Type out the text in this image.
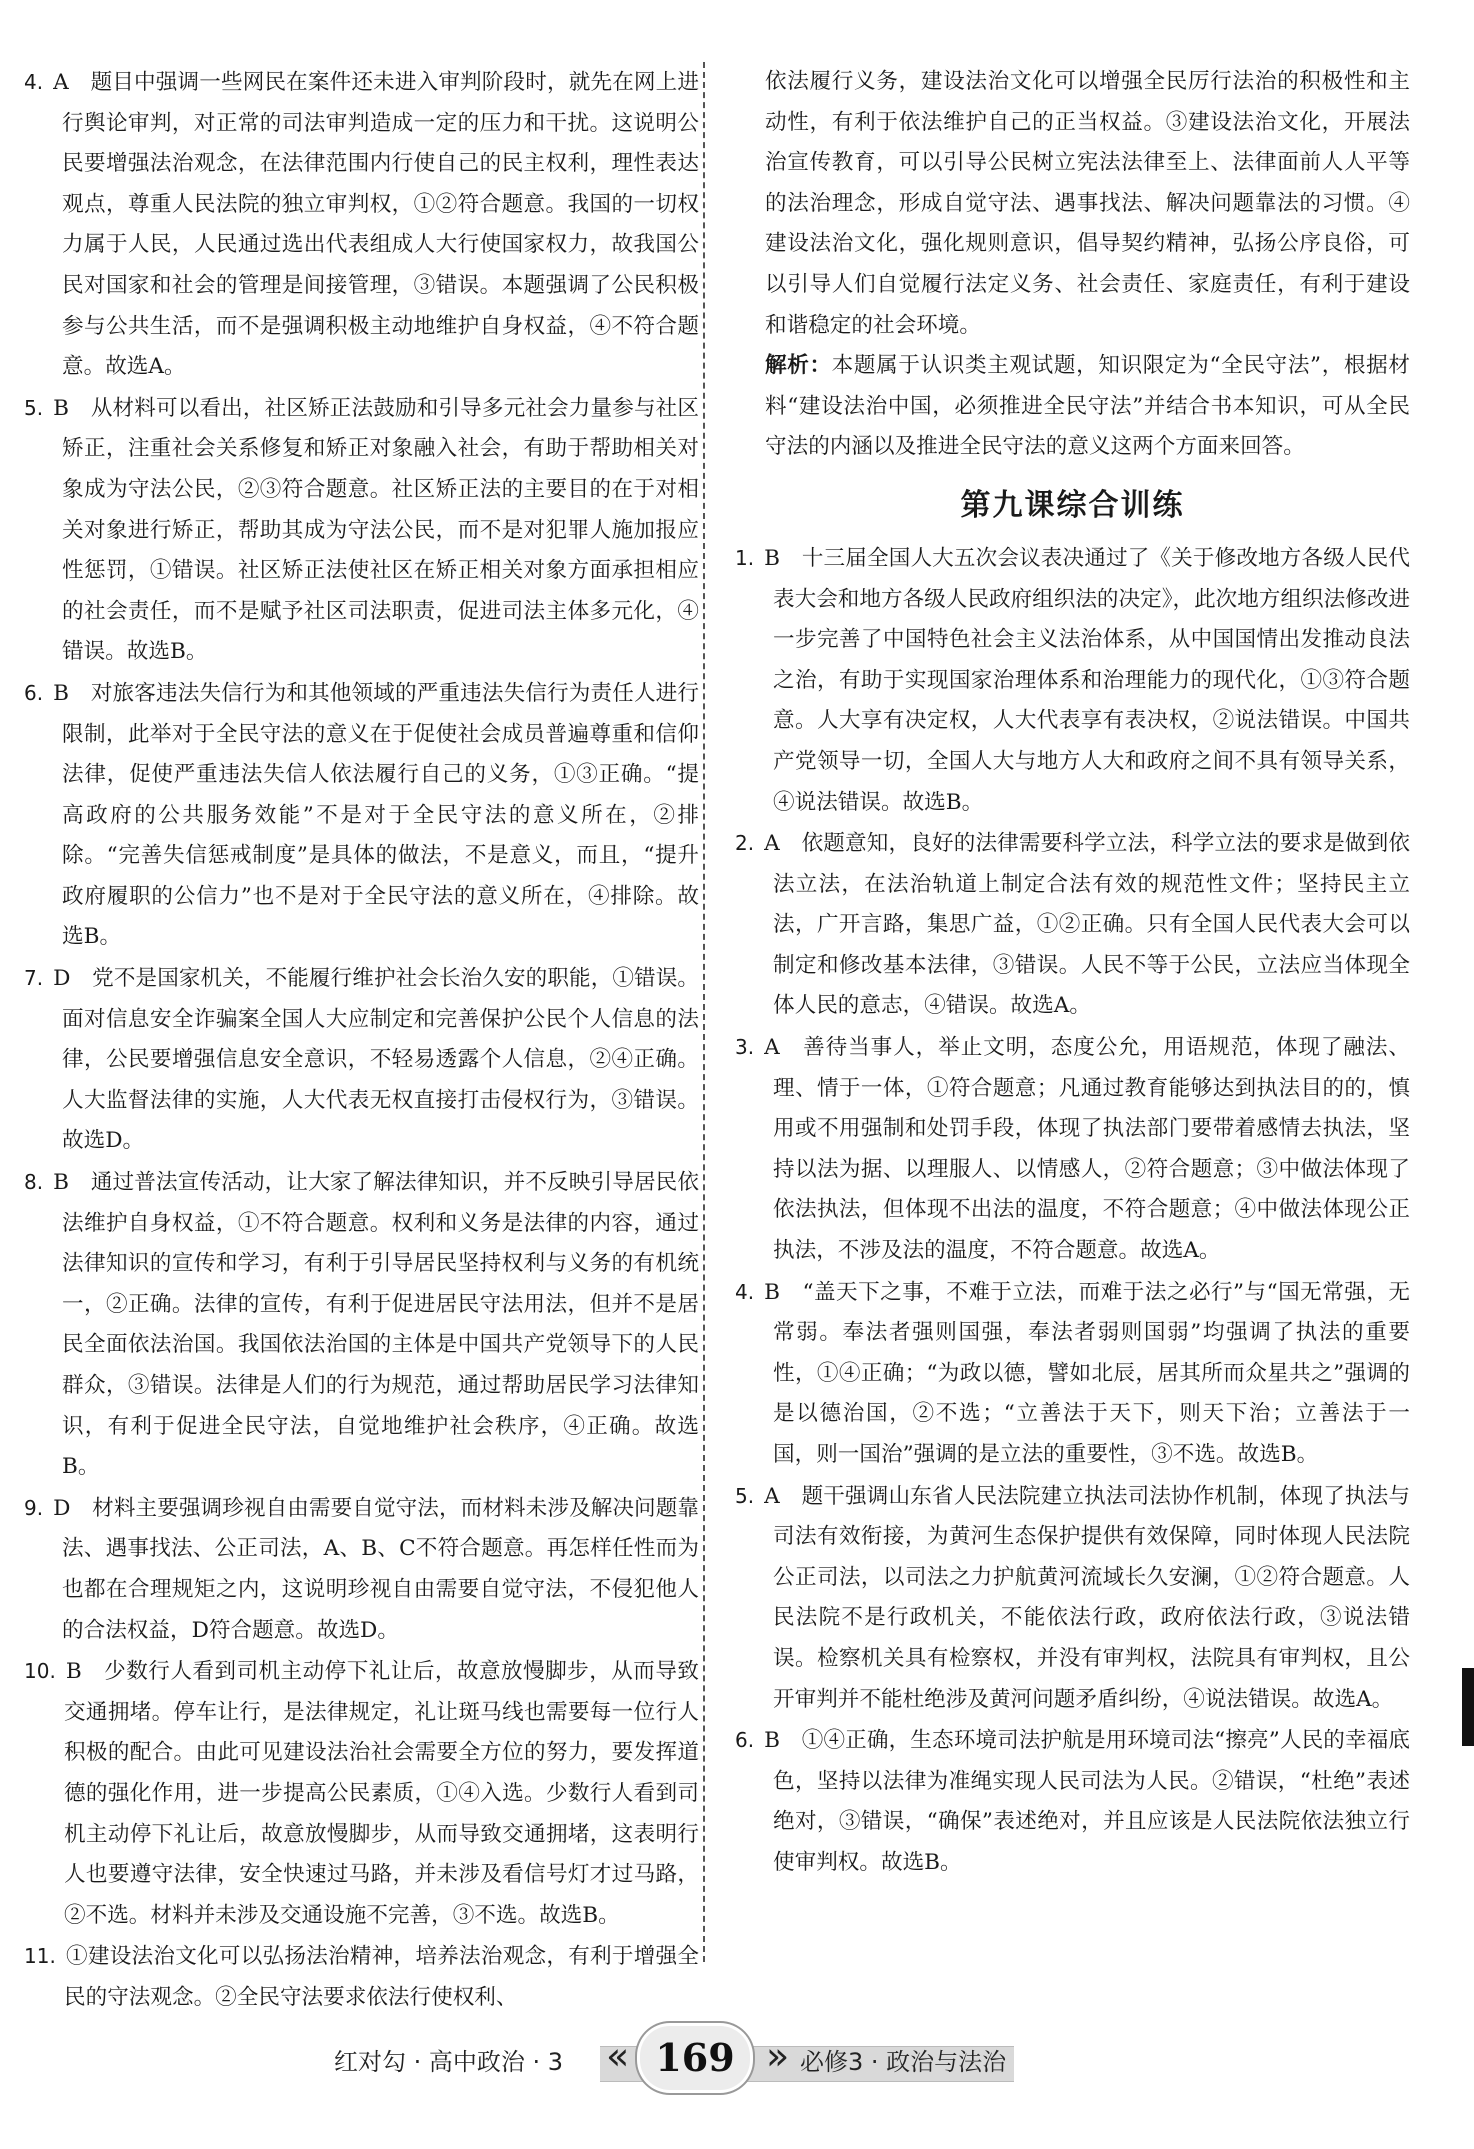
4. A　题目中强调一些网民在案件还未进入审判阶段时，就先在网上进行舆论审判，对正常的司法审判造成一定的压力和干扰。这说明公民要增强法治观念，在法律范围内行使自己的民主权利，理性表达观点，尊重人民法院的独立审判权，①②符合题意。我国的一切权力属于人民，人民通过选出代表组成人大行使国家权力，故我国公民对国家和社会的管理是间接管理，③错误。本题强调了公民积极参与公共生活，而不是强调积极主动地维护自身权益，④不符合题意。故选A。

5. B　从材料可以看出，社区矫正法鼓励和引导多元社会力量参与社区矫正，注重社会关系修复和矫正对象融入社会，有助于帮助相关对象成为守法公民，②③符合题意。社区矫正法的主要目的在于对相关对象进行矫正，帮助其成为守法公民，而不是对犯罪人施加报应性惩罚，①错误。社区矫正法使社区在矫正相关对象方面承担相应的社会责任，而不是赋予社区司法职责，促进司法主体多元化，④错误。故选B。

6. B　对旅客违法失信行为和其他领域的严重违法失信行为责任人进行限制，此举对于全民守法的意义在于促使社会成员普遍尊重和信仰法律，促使严重违法失信人依法履行自己的义务，①③正确。“提高政府的公共服务效能”不是对于全民守法的意义所在，②排除。“完善失信惩戒制度”是具体的做法，不是意义，而且，“提升政府履职的公信力”也不是对于全民守法的意义所在，④排除。故选B。

7. D　党不是国家机关，不能履行维护社会长治久安的职能，①错误。面对信息安全诈骗案全国人大应制定和完善保护公民个人信息的法律，公民要增强信息安全意识，不轻易透露个人信息，②④正确。人大监督法律的实施，人大代表无权直接打击侵权行为，③错误。故选D。

8. B　通过普法宣传活动，让大家了解法律知识，并不反映引导居民依法维护自身权益，①不符合题意。权利和义务是法律的内容，通过法律知识的宣传和学习，有利于引导居民坚持权利与义务的有机统一，②正确。法律的宣传，有利于促进居民守法用法，但并不是居民全面依法治国。我国依法治国的主体是中国共产党领导下的人民群众，③错误。法律是人们的行为规范，通过帮助居民学习法律知识，有利于促进全民守法，自觉地维护社会秩序，④正确。故选B。

9. D　材料主要强调珍视自由需要自觉守法，而材料未涉及解决问题靠法、遇事找法、公正司法，A、B、C不符合题意。再怎样任性而为也都在合理规矩之内，这说明珍视自由需要自觉守法，不侵犯他人的合法权益，D符合题意。故选D。

10. B　少数行人看到司机主动停下礼让后，故意放慢脚步，从而导致交通拥堵。停车让行，是法律规定，礼让斑马线也需要每一位行人积极的配合。由此可见建设法治社会需要全方位的努力，要发挥道德的强化作用，进一步提高公民素质，①④入选。少数行人看到司机主动停下礼让后，故意放慢脚步，从而导致交通拥堵，这表明行人也要遵守法律，安全快速过马路，并未涉及看信号灯才过马路，②不选。材料并未涉及交通设施不完善，③不选。故选B。

11. ①建设法治文化可以弘扬法治精神，培养法治观念，有利于增强全民的守法观念。②全民守法要求依法行使权利、

依法履行义务，建设法治文化可以增强全民厉行法治的积极性和主动性，有利于依法维护自己的正当权益。③建设法治文化，开展法治宣传教育，可以引导公民树立宪法法律至上、法律面前人人平等的法治理念，形成自觉守法、遇事找法、解决问题靠法的习惯。④建设法治文化，强化规则意识，倡导契约精神，弘扬公序良俗，可以引导人们自觉履行法定义务、社会责任、家庭责任，有利于建设和谐稳定的社会环境。

解析：本题属于认识类主观试题，知识限定为“全民守法”，根据材料“建设法治中国，必须推进全民守法”并结合书本知识，可从全民守法的内涵以及推进全民守法的意义这两个方面来回答。

第九课综合训练

1. B　十三届全国人大五次会议表决通过了《关于修改地方各级人民代表大会和地方各级人民政府组织法的决定》，此次地方组织法修改进一步完善了中国特色社会主义法治体系，从中国国情出发推动良法之治，有助于实现国家治理体系和治理能力的现代化，①③符合题意。人大享有决定权，人大代表享有表决权，②说法错误。中国共产党领导一切，全国人大与地方人大和政府之间不具有领导关系，④说法错误。故选B。

2. A　依题意知，良好的法律需要科学立法，科学立法的要求是做到依法立法，在法治轨道上制定合法有效的规范性文件；坚持民主立法，广开言路，集思广益，①②正确。只有全国人民代表大会可以制定和修改基本法律，③错误。人民不等于公民，立法应当体现全体人民的意志，④错误。故选A。

3. A　善待当事人，举止文明，态度公允，用语规范，体现了融法、理、情于一体，①符合题意；凡通过教育能够达到执法目的的，慎用或不用强制和处罚手段，体现了执法部门要带着感情去执法，坚持以法为据、以理服人、以情感人，②符合题意；③中做法体现了依法执法，但体现不出法的温度，不符合题意；④中做法体现公正执法，不涉及法的温度，不符合题意。故选A。

4. B　“盖天下之事，不难于立法，而难于法之必行”与“国无常强，无常弱。奉法者强则国强，奉法者弱则国弱”均强调了执法的重要性，①④正确；“为政以德，譬如北辰，居其所而众星共之”强调的是以德治国，②不选；“立善法于天下，则天下治；立善法于一国，则一国治”强调的是立法的重要性，③不选。故选B。

5. A　题干强调山东省人民法院建立执法司法协作机制，体现了执法与司法有效衔接，为黄河生态保护提供有效保障，同时体现人民法院公正司法，以司法之力护航黄河流域长久安澜，①②符合题意。人民法院不是行政机关，不能依法行政，政府依法行政，③说法错误。检察机关具有检察权，并没有审判权，法院具有审判权，且公开审判并不能杜绝涉及黄河问题矛盾纠纷，④说法错误。故选A。

6. B　①④正确，生态环境司法护航是用环境司法“擦亮”人民的幸福底色，坚持以法律为准绳实现人民司法为人民。②错误，“杜绝”表述绝对，③错误，“确保”表述绝对，并且应该是人民法院依法独立行使审判权。故选B。

红对勾 · 高中政治 · 3 « 169 » 必修3 · 政治与法治
